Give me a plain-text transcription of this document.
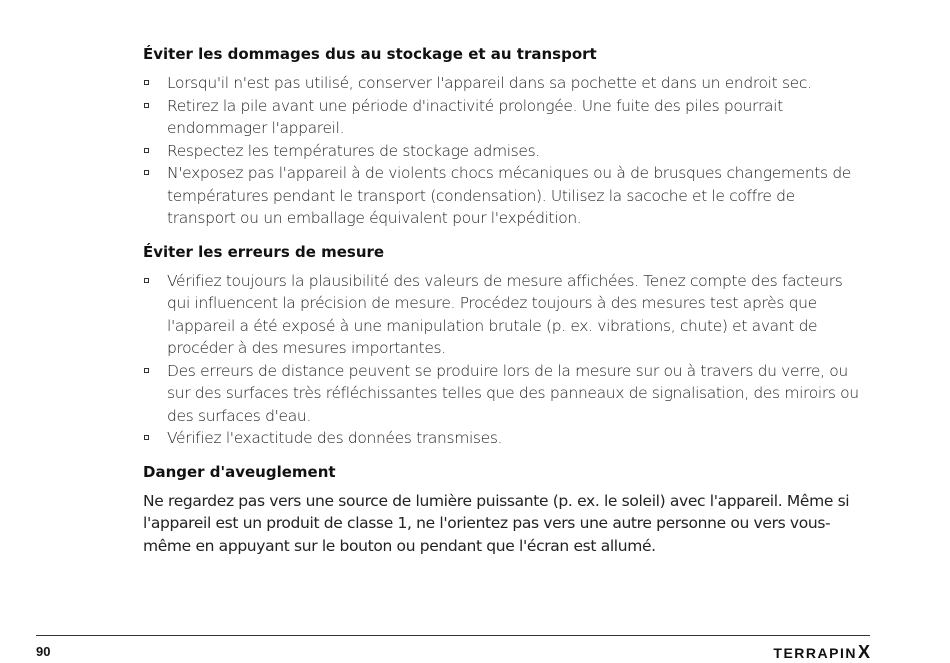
Éviter les dommages dus au stockage et au transport
Lorsqu'il n'est pas utilisé, conserver l'appareil dans sa pochette et dans un endroit sec.
Retirez la pile avant une période d'inactivité prolongée. Une fuite des piles pourrait endommager l'appareil.
Respectez les températures de stockage admises.
N'exposez pas l'appareil à de violents chocs mécaniques ou à de brusques changements de températures pendant le transport (condensation). Utilisez la sacoche et le coffre de transport ou un emballage équivalent pour l'expédition.
Éviter les erreurs de mesure
Vérifiez toujours la plausibilité des valeurs de mesure affichées. Tenez compte des facteurs qui influencent la précision de mesure. Procédez toujours à des mesures test après que l'appareil a été exposé à une manipulation brutale (p. ex. vibrations, chute) et avant de procéder à des mesures importantes.
Des erreurs de distance peuvent se produire lors de la mesure sur ou à travers du verre, ou sur des surfaces très réfléchissantes telles que des panneaux de signalisation, des miroirs ou des surfaces d'eau.
Vérifiez l'exactitude des données transmises.
Danger d'aveuglement

Ne regardez pas vers une source de lumière puissante (p. ex. le soleil) avec l'appareil. Même si l'appareil est un produit de classe 1, ne l'orientez pas vers une autre personne ou vers vous-même en appuyant sur le bouton ou pendant que l'écran est allumé.

90	TERRAPINX
